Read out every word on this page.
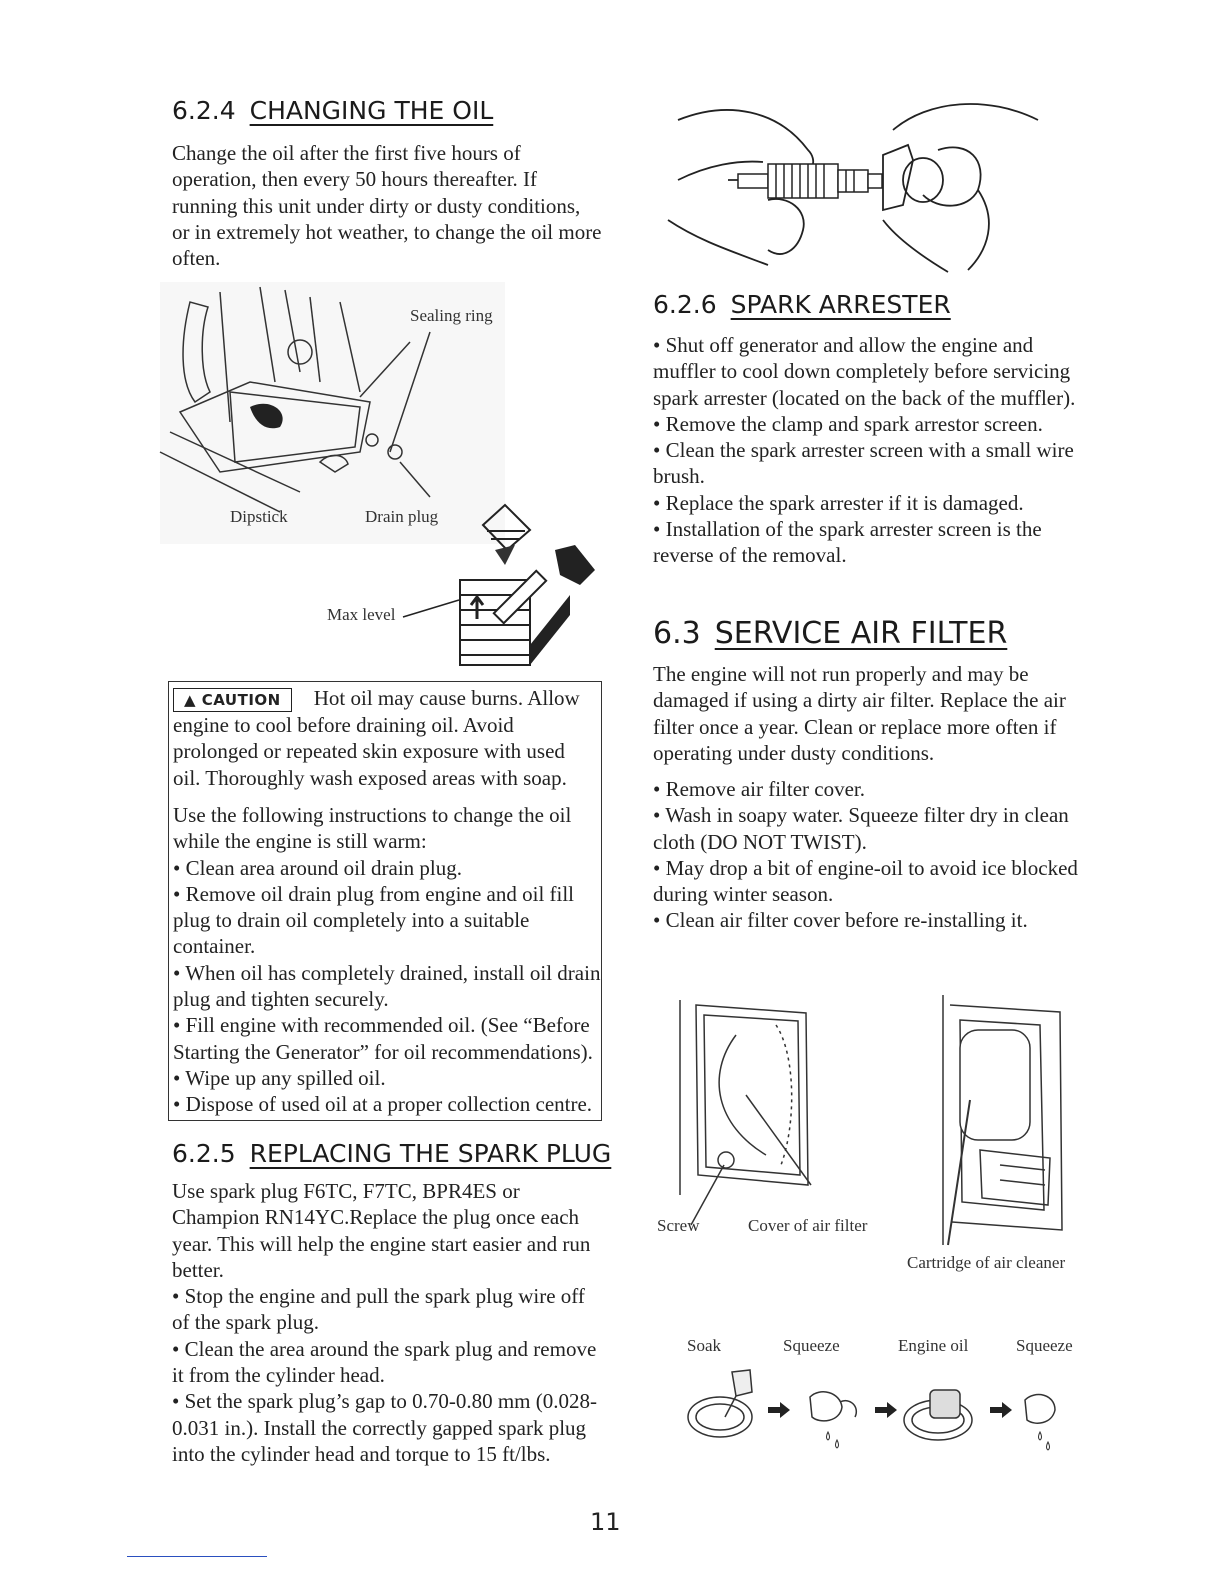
6.2.4 CHANGING THE OIL

Change the oil after the first five hours of operation, then every 50 hours thereafter. If running this unit under dirty or dusty conditions, or in extremely hot weather, to change the oil more often.

Sealing ring
Dipstick	Drain plug
Max level

▲ CAUTION Hot oil may cause burns. Allow engine to cool before draining oil. Avoid prolonged or repeated skin exposure with used oil. Thoroughly wash exposed areas with soap.

Use the following instructions to change the oil while the engine is still warm:

• Clean area around oil drain plug.

• Remove oil drain plug from engine and oil fill plug to drain oil completely into a suitable container.

• When oil has completely drained, install oil drain plug and tighten securely.

• Fill engine with recommended oil. (See “Before Starting the Generator” for oil recommendations).

• Wipe up any spilled oil.

• Dispose of used oil at a proper collection centre.

6.2.5 REPLACING THE SPARK PLUG

Use spark plug F6TC, F7TC, BPR4ES or Champion RN14YC.Replace the plug once each year. This will help the engine start easier and run better.

• Stop the engine and pull the spark plug wire off of the spark plug.

• Clean the area around the spark plug and remove it from the cylinder head.

• Set the spark plug’s gap to 0.70-0.80 mm (0.028-0.031 in.). Install the correctly gapped spark plug into the cylinder head and torque to 15 ft/lbs.

6.2.6 SPARK ARRESTER

• Shut off generator and allow the engine and muffler to cool down completely before servicing spark arrester (located on the back of the muffler).

• Remove the clamp and spark arrestor screen.

• Clean the spark arrester screen with a small wire brush.

• Replace the spark arrester if it is damaged.

• Installation of the spark arrester screen is the reverse of the removal.

6.3 SERVICE AIR FILTER

The engine will not run properly and may be damaged if using a dirty air filter. Replace the air filter once a year. Clean or replace more often if operating under dusty conditions.

• Remove air filter cover.

• Wash in soapy water. Squeeze filter dry in clean cloth (DO NOT TWIST).

• May drop a bit of engine-oil to avoid ice blocked during winter season.

• Clean air filter cover before re-installing it.

Screw	Cover of air filter
Cartridge of air cleaner
Soak	Squeeze	Engine oil	Squeeze
11
